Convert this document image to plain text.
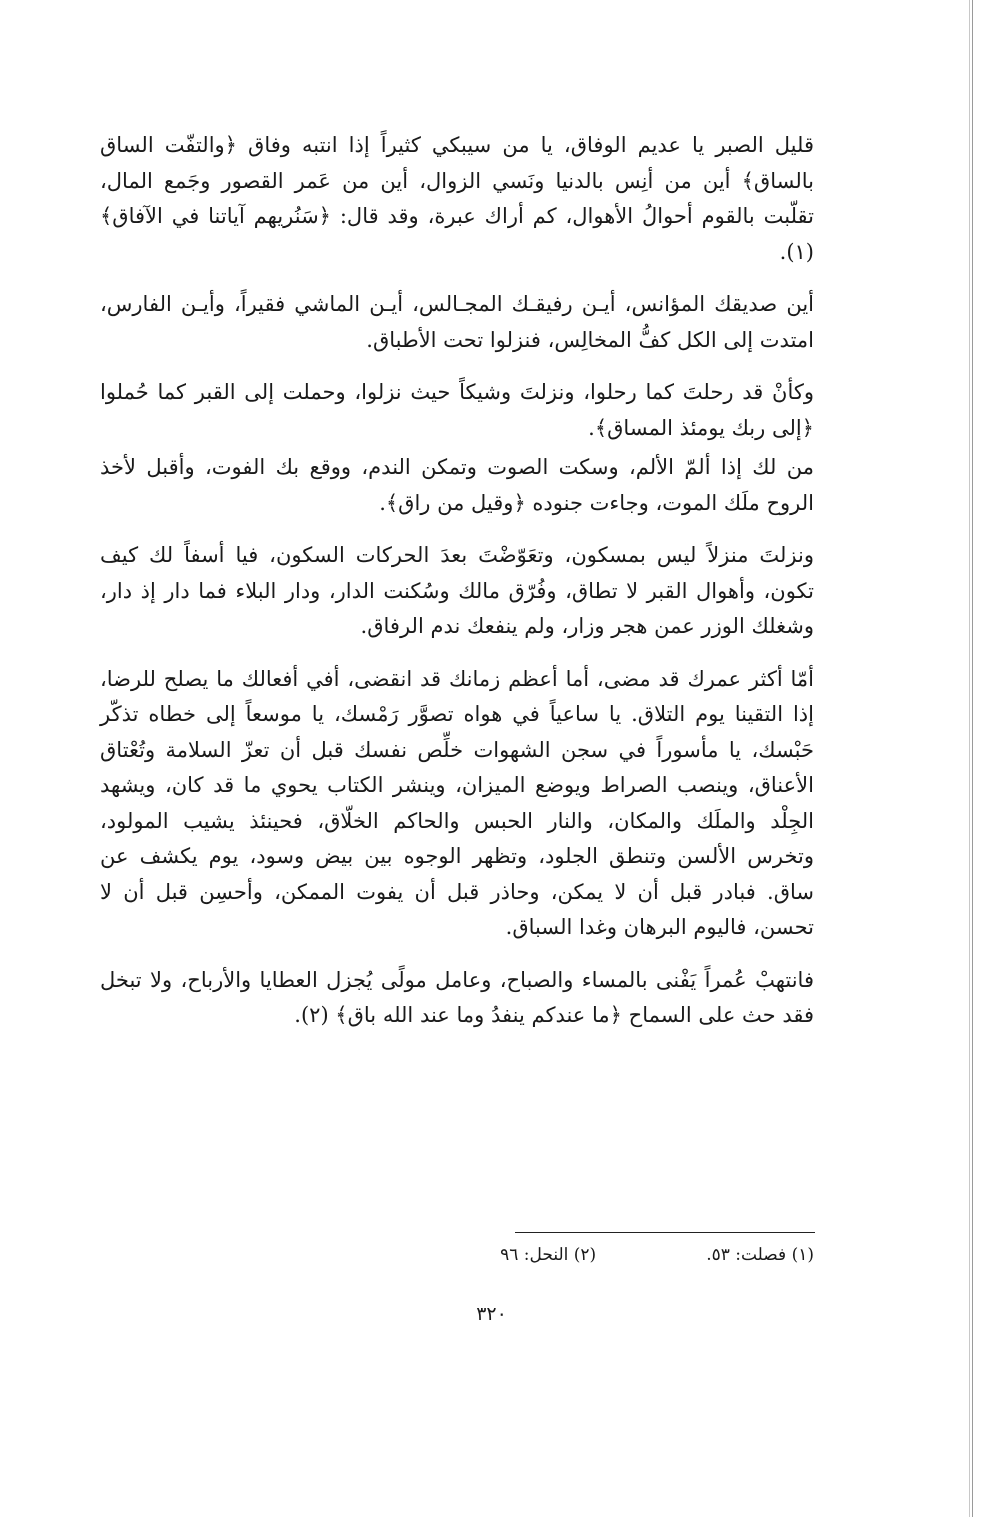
قليل الصبر يا عديم الوفاق، يا من سيبكي كثيراً إذا انتبه وفاق ﴿والتفّت الساق بالساق﴾ أين من أنِس بالدنيا ونَسي الزوال، أين من عَمر القصور وجَمع المال، تقلّبت بالقوم أحوالُ الأهوال، كم أراك عبرة، وقد قال: ﴿سَنُريهم آياتنا في الآفاق﴾ (١).

أين صديقك المؤانس، أيـن رفيقـك المجـالس، أيـن الماشي فقيراً، وأيـن الفارس، امتدت إلى الكل كفُّ المخالِس، فنزلوا تحت الأطباق.

وكأنْ قد رحلتَ كما رحلوا، ونزلتَ وشيكاً حيث نزلوا، وحملت إلى القبر كما حُملوا ﴿إلى ربك يومئذ المساق﴾.

من لك إذا ألمّ الألم، وسكت الصوت وتمكن الندم، ووقع بك الفوت، وأقبل لأخذ الروح ملَك الموت، وجاءت جنوده ﴿وقيل من راق﴾.

ونزلتَ منزلاً ليس بمسكون، وتعَوّضْتَ بعدَ الحركات السكون، فيا أسفاً لك كيف تكون، وأهوال القبر لا تطاق، وفُرّق مالك وسُكنت الدار، ودار البلاء فما دار إذ دار، وشغلك الوزر عمن هجر وزار، ولم ينفعك ندم الرفاق.

أمّا أكثر عمرك قد مضى، أما أعظم زمانك قد انقضى، أفي أفعالك ما يصلح للرضا، إذا التقينا يوم التلاق. يا ساعياً في هواه تصوَّر رَمْسك، يا موسعاً إلى خطاه تذكّر حَبْسك، يا مأسوراً في سجن الشهوات خلِّص نفسك قبل أن تعزّ السلامة وتُعْتاق الأعناق، وينصب الصراط ويوضع الميزان، وينشر الكتاب يحوي ما قد كان، ويشهد الجِلْد والملَك والمكان، والنار الحبس والحاكم الخلّاق، فحينئذ يشيب المولود، وتخرس الألسن وتنطق الجلود، وتظهر الوجوه بين بيض وسود، يوم يكشف عن ساق. فبادر قبل أن لا يمكن، وحاذر قبل أن يفوت الممكن، وأحسِن قبل أن لا تحسن، فاليوم البرهان وغدا السباق.

فانتهبْ عُمراً يَفْنى بالمساء والصباح، وعامل مولًى يُجزل العطايا والأرباح، ولا تبخل فقد حث على السماح ﴿ما عندكم ينفدُ وما عند الله باق﴾ (٢).

(١) فصلت: ٥٣.
(٢) النحل: ٩٦
٣٢٠
